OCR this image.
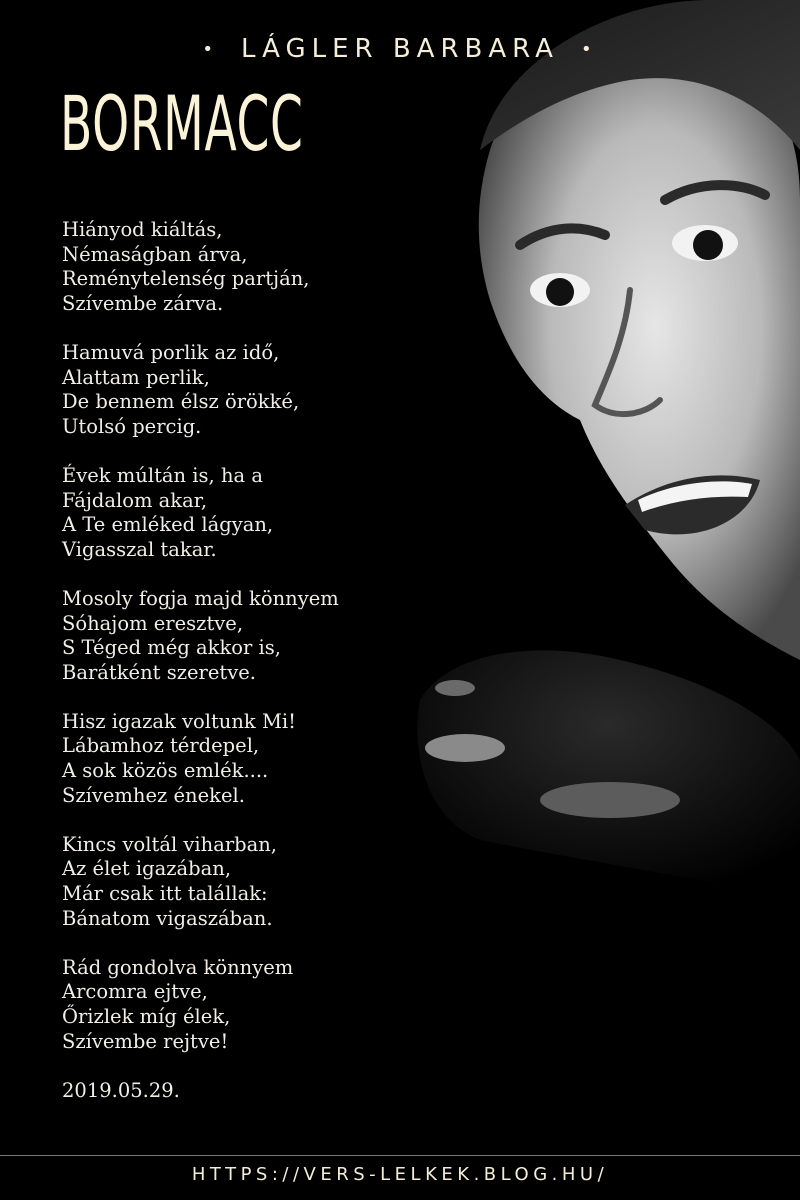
• LÁGLER BARBARA •
BORMACC
Hiányod kiáltás,
Némaságban árva,
Reménytelenség partján,
Szívembe zárva.
Hamuvá porlik az idő,
Alattam perlik,
De bennem élsz örökké,
Utolsó percig.
Évek múltán is, ha a
Fájdalom akar,
A Te emléked lágyan,
Vigasszal takar.
Mosoly fogja majd könnyem
Sóhajom eresztve,
S Téged még akkor is,
Barátként szeretve.
Hisz igazak voltunk Mi!
Lábamhoz térdepel,
A sok közös emlék....
Szívemhez énekel.
Kincs voltál viharban,
Az élet igazában,
Már csak itt talállak:
Bánatom vigaszában.
Rád gondolva könnyem
Arcomra ejtve,
Őrizlek míg élek,
Szívembe rejtve!
2019.05.29.
HTTPS://VERS-LELKEK.BLOG.HU/
